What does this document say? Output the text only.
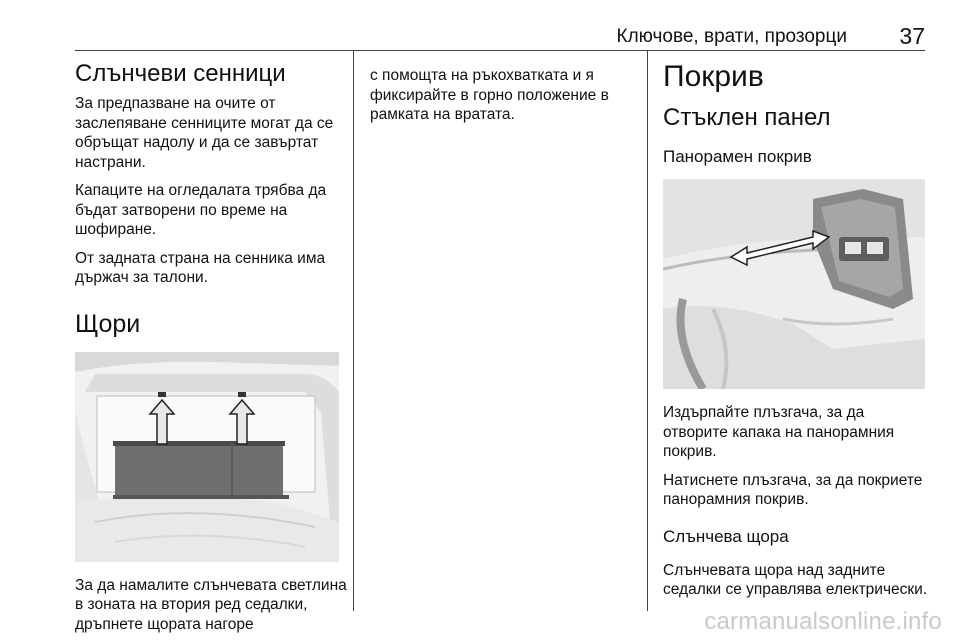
Ключове, врати, прозорци 37
Слънчеви сенници
За предпазване на очите от заслепяване сенниците могат да се обръщат надолу и да се завъртат настрани.
Капаците на огледалата трябва да бъдат затворени по време на шофиране.
От задната страна на сенника има държач за талони.
Щори
За да намалите слънчевата светлина в зоната на втория ред седалки, дръпнете щората нагоре
с помощта на ръкохватката и я фиксирайте в горно положение в рамката на вратата.
Покрив
Стъклен панел
Панорамен покрив
Издърпайте плъзгача, за да отворите капака на панорамния покрив.
Натиснете плъзгача, за да покриете панорамния покрив.
Слънчева щора
Слънчевата щора над задните седалки се управлява електрически.
carmanualsonline.info
